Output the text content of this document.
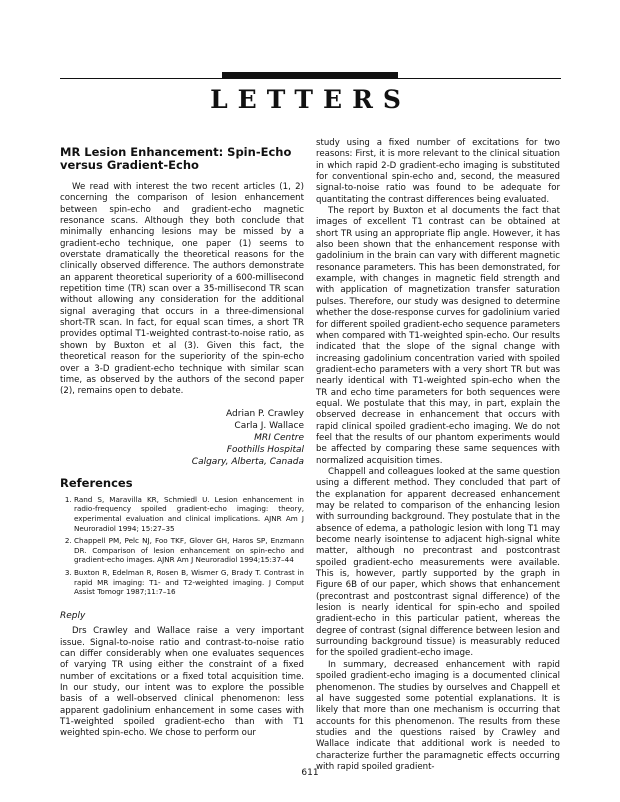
LETTERS
MR Lesion Enhancement: Spin-Echo versus Gradient-Echo

We read with interest the two recent articles (1, 2) concerning the comparison of lesion enhancement between spin-echo and gradient-echo magnetic resonance scans. Although they both conclude that minimally enhancing lesions may be missed by a gradient-echo technique, one paper (1) seems to overstate dramatically the theoretical reasons for the clinically observed difference. The authors demonstrate an apparent theoretical superiority of a 600-millisecond repetition time (TR) scan over a 35-millisecond TR scan without allowing any consideration for the additional signal averaging that occurs in a three-dimensional short-TR scan. In fact, for equal scan times, a short TR provides optimal T1-weighted contrast-to-noise ratio, as shown by Buxton et al (3). Given this fact, the theoretical reason for the superiority of the spin-echo over a 3-D gradient-echo technique with similar scan time, as observed by the authors of the second paper (2), remains open to debate.

Adrian P. Crawley
Carla J. Wallace
MRI Centre
Foothills Hospital
Calgary, Alberta, Canada
References
1. Rand S, Maravilla KR, Schmiedl U. Lesion enhancement in radio-frequency spoiled gradient-echo imaging: theory, experimental evaluation and clinical implications. AJNR Am J Neuroradiol 1994; 15:27–35
2. Chappell PM, Pelc NJ, Foo TKF, Glover GH, Haros SP, Enzmann DR. Comparison of lesion enhancement on spin-echo and gradient-echo images. AJNR Am J Neuroradiol 1994;15:37–44
3. Buxton R, Edelman R, Rosen B, Wismer G, Brady T. Contrast in rapid MR imaging: T1- and T2-weighted imaging. J Comput Assist Tomogr 1987;11:7–16
Reply

Drs Crawley and Wallace raise a very important issue. Signal-to-noise ratio and contrast-to-noise ratio can differ considerably when one evaluates sequences of varying TR using either the constraint of a fixed number of excitations or a fixed total acquisition time. In our study, our intent was to explore the possible basis of a well-observed clinical phenomenon: less apparent gadolinium enhancement in some cases with T1-weighted spoiled gradient-echo than with T1 weighted spin-echo. We chose to perform our

study using a fixed number of excitations for two reasons: First, it is more relevant to the clinical situation in which rapid 2-D gradient-echo imaging is substituted for conventional spin-echo and, second, the measured signal-to-noise ratio was found to be adequate for quantitating the contrast differences being evaluated.

The report by Buxton et al documents the fact that images of excellent T1 contrast can be obtained at short TR using an appropriate flip angle. However, it has also been shown that the enhancement response with gadolinium in the brain can vary with different magnetic resonance parameters. This has been demonstrated, for example, with changes in magnetic field strength and with application of magnetization transfer saturation pulses. Therefore, our study was designed to determine whether the dose-response curves for gadolinium varied for different spoiled gradient-echo sequence parameters when compared with T1-weighted spin-echo. Our results indicated that the slope of the signal change with increasing gadolinium concentration varied with spoiled gradient-echo parameters with a very short TR but was nearly identical with T1-weighted spin-echo when the TR and echo time parameters for both sequences were equal. We postulate that this may, in part, explain the observed decrease in enhancement that occurs with rapid clinical spoiled gradient-echo imaging. We do not feel that the results of our phantom experiments would be affected by comparing these same sequences with normalized acquisition times.

Chappell and colleagues looked at the same question using a different method. They concluded that part of the explanation for apparent decreased enhancement may be related to comparison of the enhancing lesion with surrounding background. They postulate that in the absence of edema, a pathologic lesion with long T1 may become nearly isointense to adjacent high-signal white matter, although no precontrast and postcontrast spoiled gradient-echo measurements were available. This is, however, partly supported by the graph in Figure 6B of our paper, which shows that enhancement (precontrast and postcontrast signal difference) of the lesion is nearly identical for spin-echo and spoiled gradient-echo in this particular patient, whereas the degree of contrast (signal difference between lesion and surrounding background tissue) is measurably reduced for the spoiled gradient-echo image.

In summary, decreased enhancement with rapid spoiled gradient-echo imaging is a documented clinical phenomenon. The studies by ourselves and Chappell et al have suggested some potential explanations. It is likely that more than one mechanism is occurring that accounts for this phenomenon. The results from these studies and the questions raised by Crawley and Wallace indicate that additional work is needed to characterize further the paramagnetic effects occurring with rapid spoiled gradient-

611
